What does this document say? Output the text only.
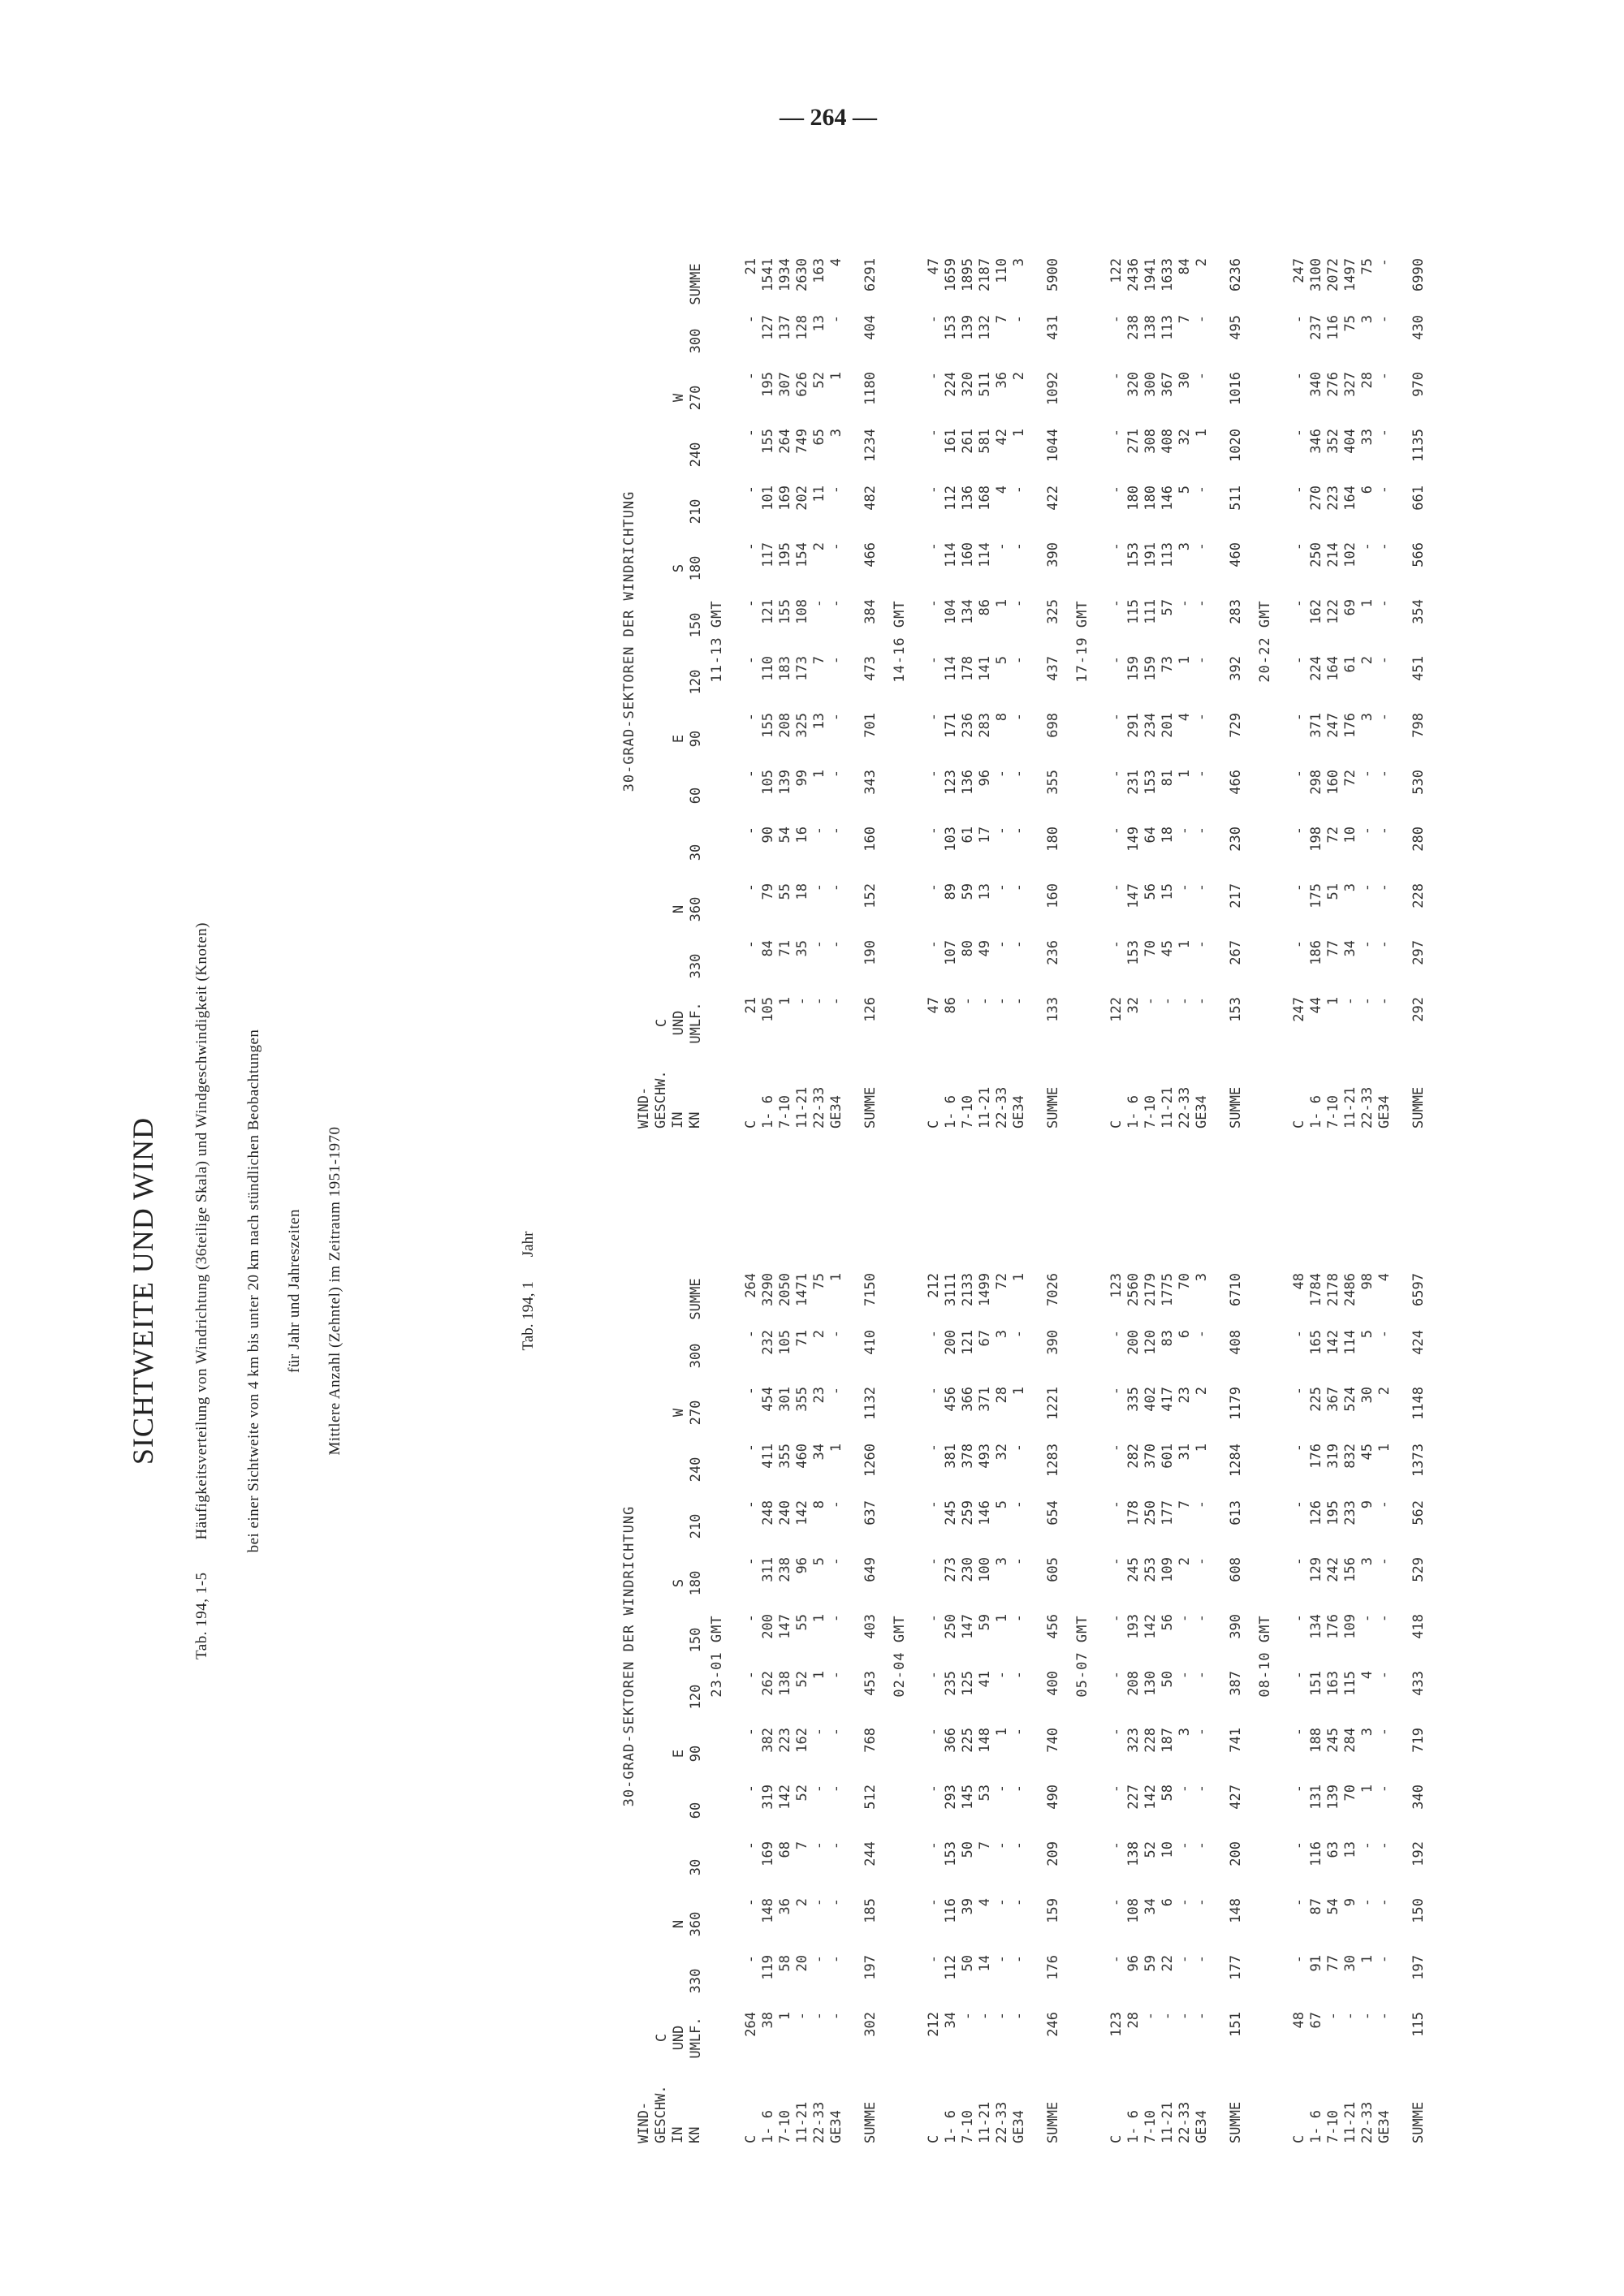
— 264 —
SICHTWEITE UND WIND
Tab. 194, 1-5Häufigkeitsverteilung von Windrichtung (36teilige Skala) und Windgeschwindigkeit (Knoten) bei einer Sichtweite von 4 km bis unter 20 km nach stündlichen Beobachtungen für Jahr und Jahreszeiten Mittlere Anzahl (Zehntel) im Zeitraum 1951-1970	Tab. 194, 1Jahr
30-GRAD-SEKTOREN DER WINDRICHTUNG
WIND- GESCHW. IN KN
C UND UMLF.
330
N 360
30
60
E 90
120
150
S 180
210
240
W 270
300
SUMME
23-01 GMT
C
264
-
-
-
-
-
-
-
-
-
-
-
-
264
1- 6
38
119
148
169
319
382
262
200
311
248
411
454
232
3290
7-10
1
58
36
68
142
223
138
147
238
240
355
301
105
2050
11-21
-
20
2
7
52
162
52
55
96
142
460
355
71
1471
22-33
-
-
-
-
-
-
1
1
5
8
34
23
2
75
GE34
-
-
-
-
-
-
-
-
-
-
1
-
-
1
SUMME
302
197
185
244
512
768
453
403
649
637
1260
1132
410
7150
02-04 GMT
C
212
-
-
-
-
-
-
-
-
-
-
-
-
212
1- 6
34
112
116
153
293
366
235
250
273
245
381
456
200
3111
7-10
-
50
39
50
145
225
125
147
230
259
378
366
121
2133
11-21
-
14
4
7
53
148
41
59
100
146
493
371
67
1499
22-33
-
-
-
-
-
1
-
1
3
5
32
28
3
72
GE34
-
-
-
-
-
-
-
-
-
-
-
1
-
1
SUMME
246
176
159
209
490
740
400
456
605
654
1283
1221
390
7026
05-07 GMT
C
123
-
-
-
-
-
-
-
-
-
-
-
-
123
1- 6
28
96
108
138
227
323
208
193
245
178
282
335
200
2560
7-10
-
59
34
52
142
228
130
142
253
250
370
402
120
2179
11-21
-
22
6
10
58
187
50
56
109
177
601
417
83
1775
22-33
-
-
-
-
-
3
-
-
2
7
31
23
6
70
GE34
-
-
-
-
-
-
-
-
-
-
1
2
-
3
SUMME
151
177
148
200
427
741
387
390
608
613
1284
1179
408
6710
08-10 GMT
C
48
-
-
-
-
-
-
-
-
-
-
-
-
48
1- 6
67
91
87
116
131
188
151
134
129
126
176
225
165
1784
7-10
-
77
54
63
139
245
163
176
242
195
319
367
142
2178
11-21
-
30
9
13
70
284
115
109
156
233
832
524
114
2486
22-33
-
1
-
-
1
3
4
-
3
9
45
30
5
98
GE34
-
-
-
-
-
-
-
-
-
-
1
2
-
4
SUMME
115
197
150
192
340
719
433
418
529
562
1373
1148
424
6597
30-GRAD-SEKTOREN DER WINDRICHTUNG
WIND- GESCHW. IN KN
C UND UMLF.
330
N 360
30
60
E 90
120
150
S 180
210
240
W 270
300
SUMME
11-13 GMT
C
21
-
-
-
-
-
-
-
-
-
-
-
-
21
1- 6
105
84
79
90
105
155
110
121
117
101
155
195
127
1541
7-10
1
71
55
54
139
208
183
155
195
169
264
307
137
1934
11-21
-
35
18
16
99
325
173
108
154
202
749
626
128
2630
22-33
-
-
-
-
1
13
7
-
2
11
65
52
13
163
GE34
-
-
-
-
-
-
-
-
-
-
3
1
-
4
SUMME
126
190
152
160
343
701
473
384
466
482
1234
1180
404
6291
14-16 GMT
C
47
-
-
-
-
-
-
-
-
-
-
-
-
47
1- 6
86
107
89
103
123
171
114
104
114
112
161
224
153
1659
7-10
-
80
59
61
136
236
178
134
160
136
261
320
139
1895
11-21
-
49
13
17
96
283
141
86
114
168
581
511
132
2187
22-33
-
-
-
-
-
8
5
1
-
4
42
36
7
110
GE34
-
-
-
-
-
-
-
-
-
-
1
2
-
3
SUMME
133
236
160
180
355
698
437
325
390
422
1044
1092
431
5900
17-19 GMT
C
122
-
-
-
-
-
-
-
-
-
-
-
-
122
1- 6
32
153
147
149
231
291
159
115
153
180
271
320
238
2436
7-10
-
70
56
64
153
234
159
111
191
180
308
300
138
1941
11-21
-
45
15
18
81
201
73
57
113
146
408
367
113
1633
22-33
-
1
-
-
1
4
1
-
3
5
32
30
7
84
GE34
-
-
-
-
-
-
-
-
-
-
1
-
-
2
SUMME
153
267
217
230
466
729
392
283
460
511
1020
1016
495
6236
20-22 GMT
C
247
-
-
-
-
-
-
-
-
-
-
-
-
247
1- 6
44
186
175
198
298
371
224
162
250
270
346
340
237
3100
7-10
1
77
51
72
160
247
164
122
214
223
352
276
116
2072
11-21
-
34
3
10
72
176
61
69
102
164
404
327
75
1497
22-33
-
-
-
-
-
3
2
1
-
6
33
28
3
75
GE34
-
-
-
-
-
-
-
-
-
-
-
-
-
-
SUMME
292
297
228
280
530
798
451
354
566
661
1135
970
430
6990
